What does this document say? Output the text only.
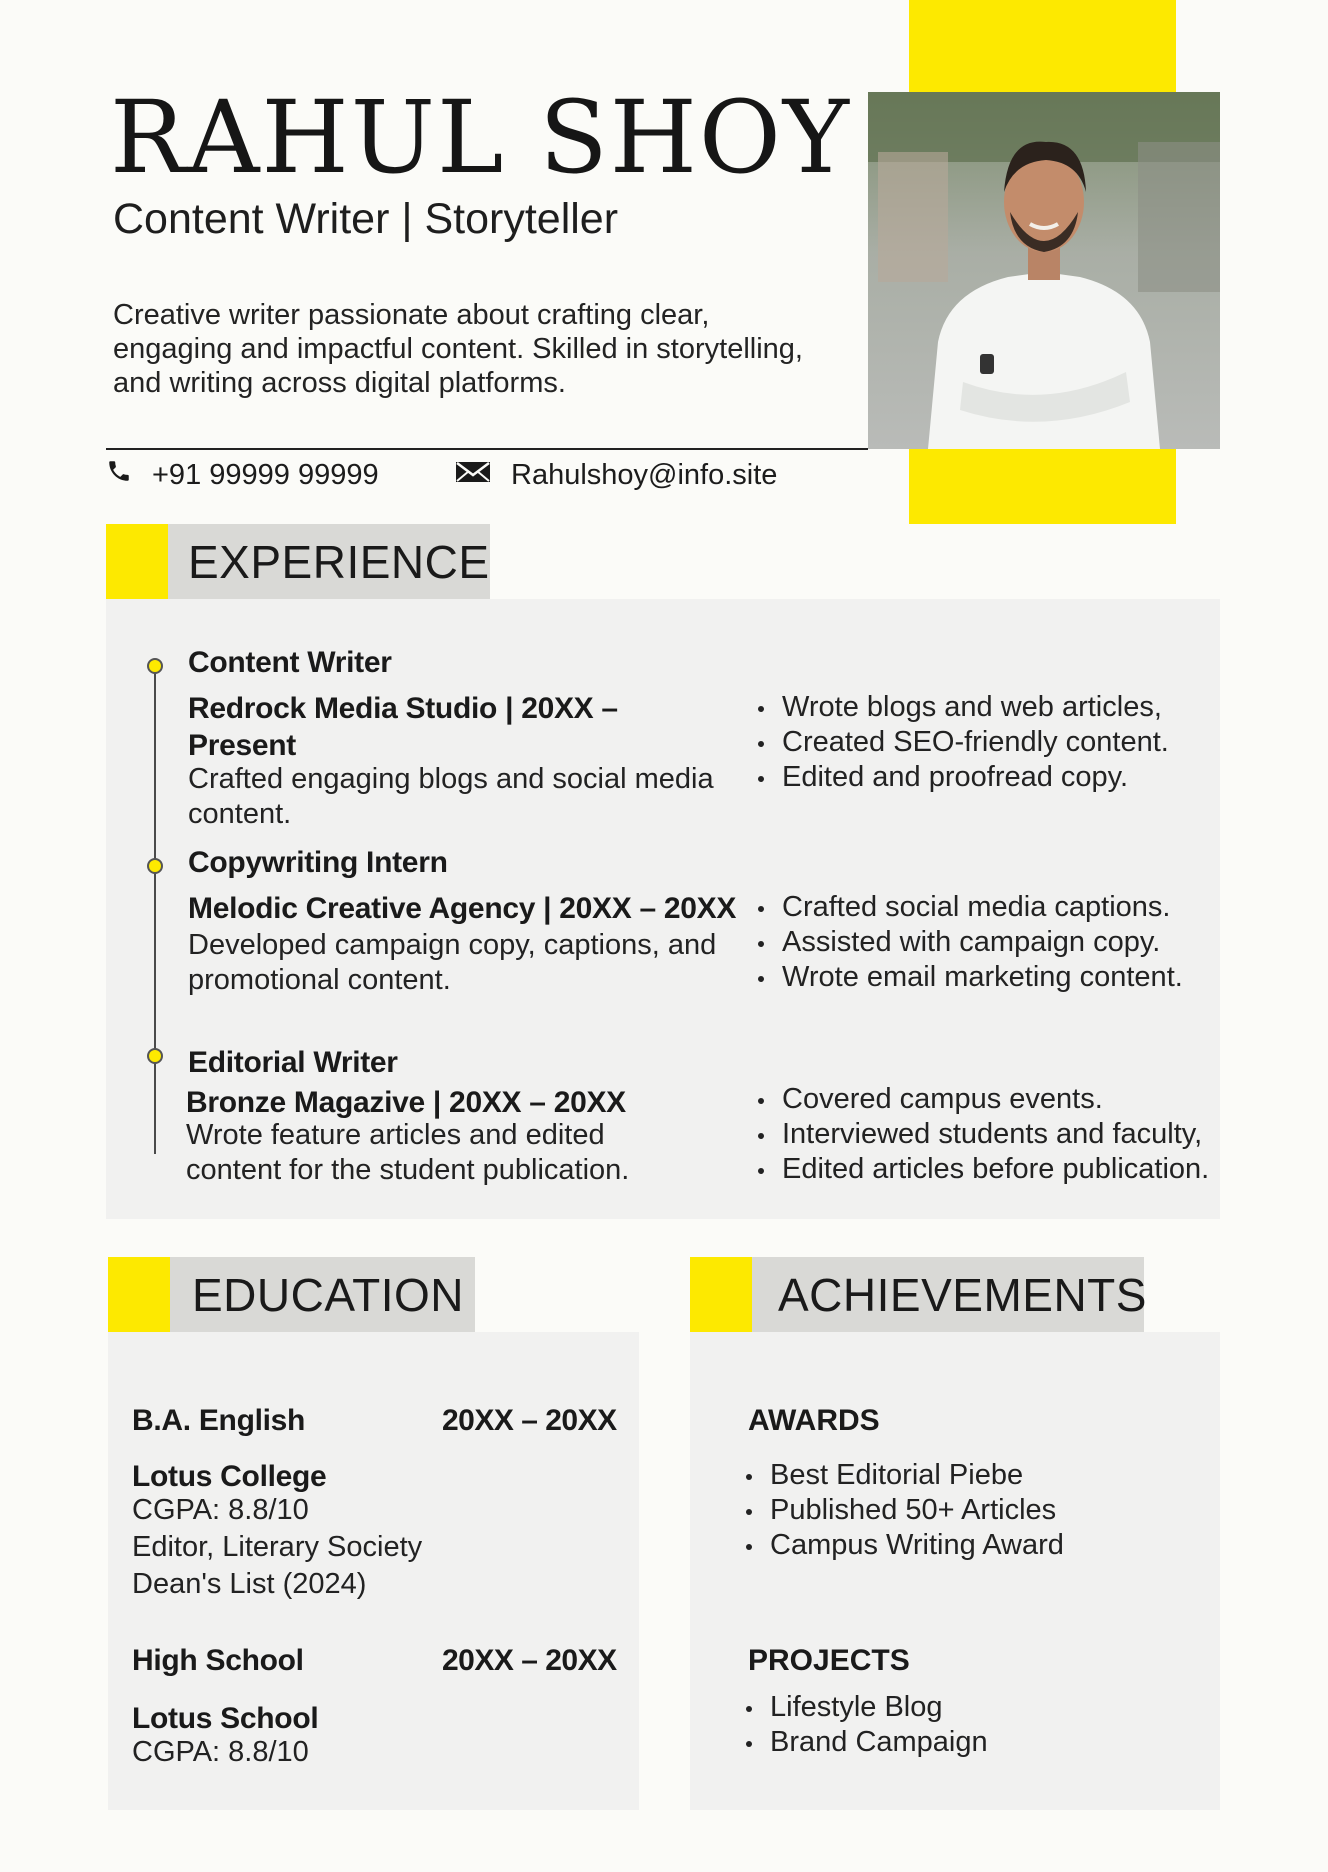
RAHUL SHOY
Content Writer | Storyteller
Creative writer passionate about crafting clear, engaging and impactful content. Skilled in storytelling, and writing across digital platforms.
+91 99999 99999	Rahulshoy@info.site
EXPERIENCE
Content Writer
Redrock Media Studio | 20XX – Present
Crafted engaging blogs and social media content.
Wrote blogs and web articles,
Created SEO-friendly content.
Edited and proofread copy.
Copywriting Intern
Melodic Creative Agency | 20XX – 20XX
Developed campaign copy, captions, and promotional content.
Crafted social media captions.
Assisted with campaign copy.
Wrote email marketing content.
Editorial Writer
Bronze Magazive | 20XX – 20XX
Wrote feature articles and edited content for the student publication.
Covered campus events.
Interviewed students and faculty,
Edited articles before publication.
EDUCATION
B.A. English	20XX – 20XX
Lotus College
CGPA: 8.8/10
Editor, Literary Society
Dean's List (2024)
High School	20XX – 20XX
Lotus School
CGPA: 8.8/10
ACHIEVEMENTS
AWARDS
Best Editorial Piebe
Published 50+ Articles
Campus Writing Award
PROJECTS
Lifestyle Blog
Brand Campaign
